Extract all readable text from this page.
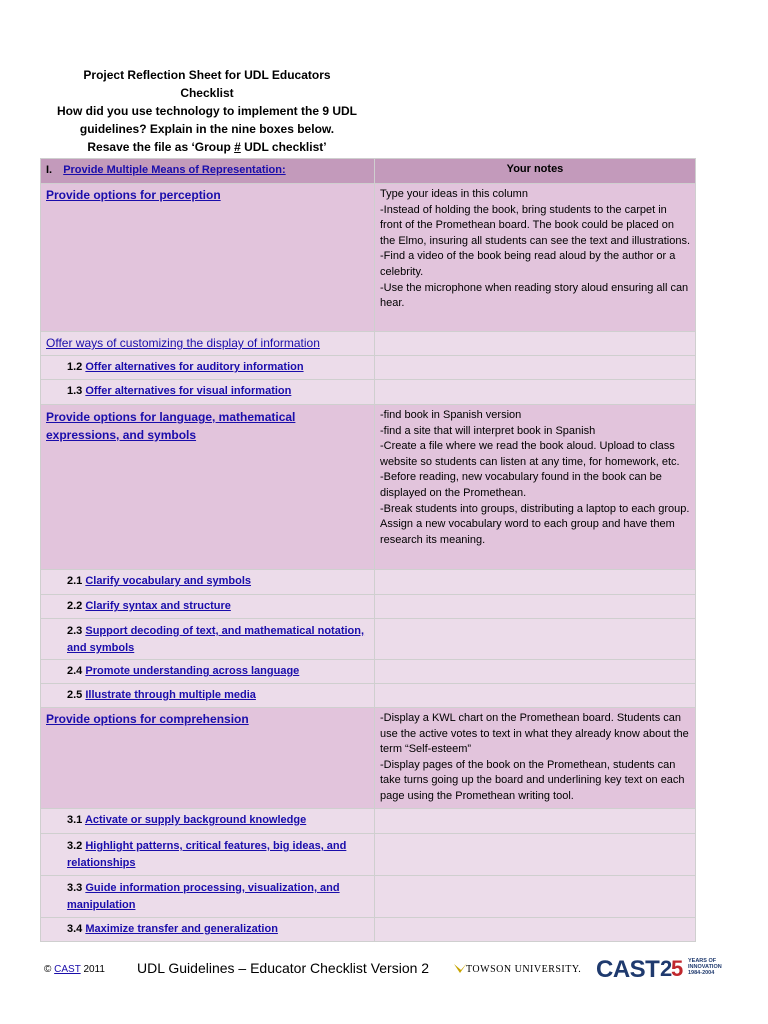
Project Reflection Sheet for UDL Educators
Checklist
How did you use technology to implement the 9 UDL
guidelines? Explain in the nine boxes below.
Resave the file as ‘Group # UDL checklist’
I. Provide Multiple Means of Representation:	Your notes
Provide options for perception	Type your ideas in this column
-Instead of holding the book, bring students to the carpet in front of the Promethean board. The book could be placed on the Elmo, insuring all students can see the text and illustrations.
-Find a video of the book being read aloud by the author or a celebrity.
-Use the microphone when reading story aloud ensuring all can hear.

Offer ways of customizing the display of information	
1.2 Offer alternatives for auditory information	
1.3 Offer alternatives for visual information	
Provide options for language, mathematical expressions, and symbols	-find book in Spanish version
-find a site that will interpret book in Spanish
-Create a file where we read the book aloud. Upload to class website so students can listen at any time, for homework, etc.
-Before reading, new vocabulary found in the book can be displayed on the Promethean.
-Break students into groups, distributing a laptop to each group. Assign a new vocabulary word to each group and have them research its meaning.

2.1 Clarify vocabulary and symbols	
2.2 Clarify syntax and structure	
2.3 Support decoding of text, and mathematical notation, and symbols	
2.4 Promote understanding across language	
2.5 Illustrate through multiple media	
Provide options for comprehension	-Display a KWL chart on the Promethean board. Students can use the active votes to text in what they already know about the term “Self-esteem”
-Display pages of the book on the Promethean, students can take turns going up the board and underlining key text on each page using the Promethean writing tool.

3.1 Activate or supply background knowledge	
3.2 Highlight patterns, critical features, big ideas, and relationships	
3.3 Guide information processing, visualization, and manipulation	
3.4 Maximize transfer and generalization	
© CAST 2011 UDL Guidelines – Educator Checklist Version 2	TOWSON UNIVERSITY. CAST 2
5 YEARS OF
INNOVATION
1984-2004
